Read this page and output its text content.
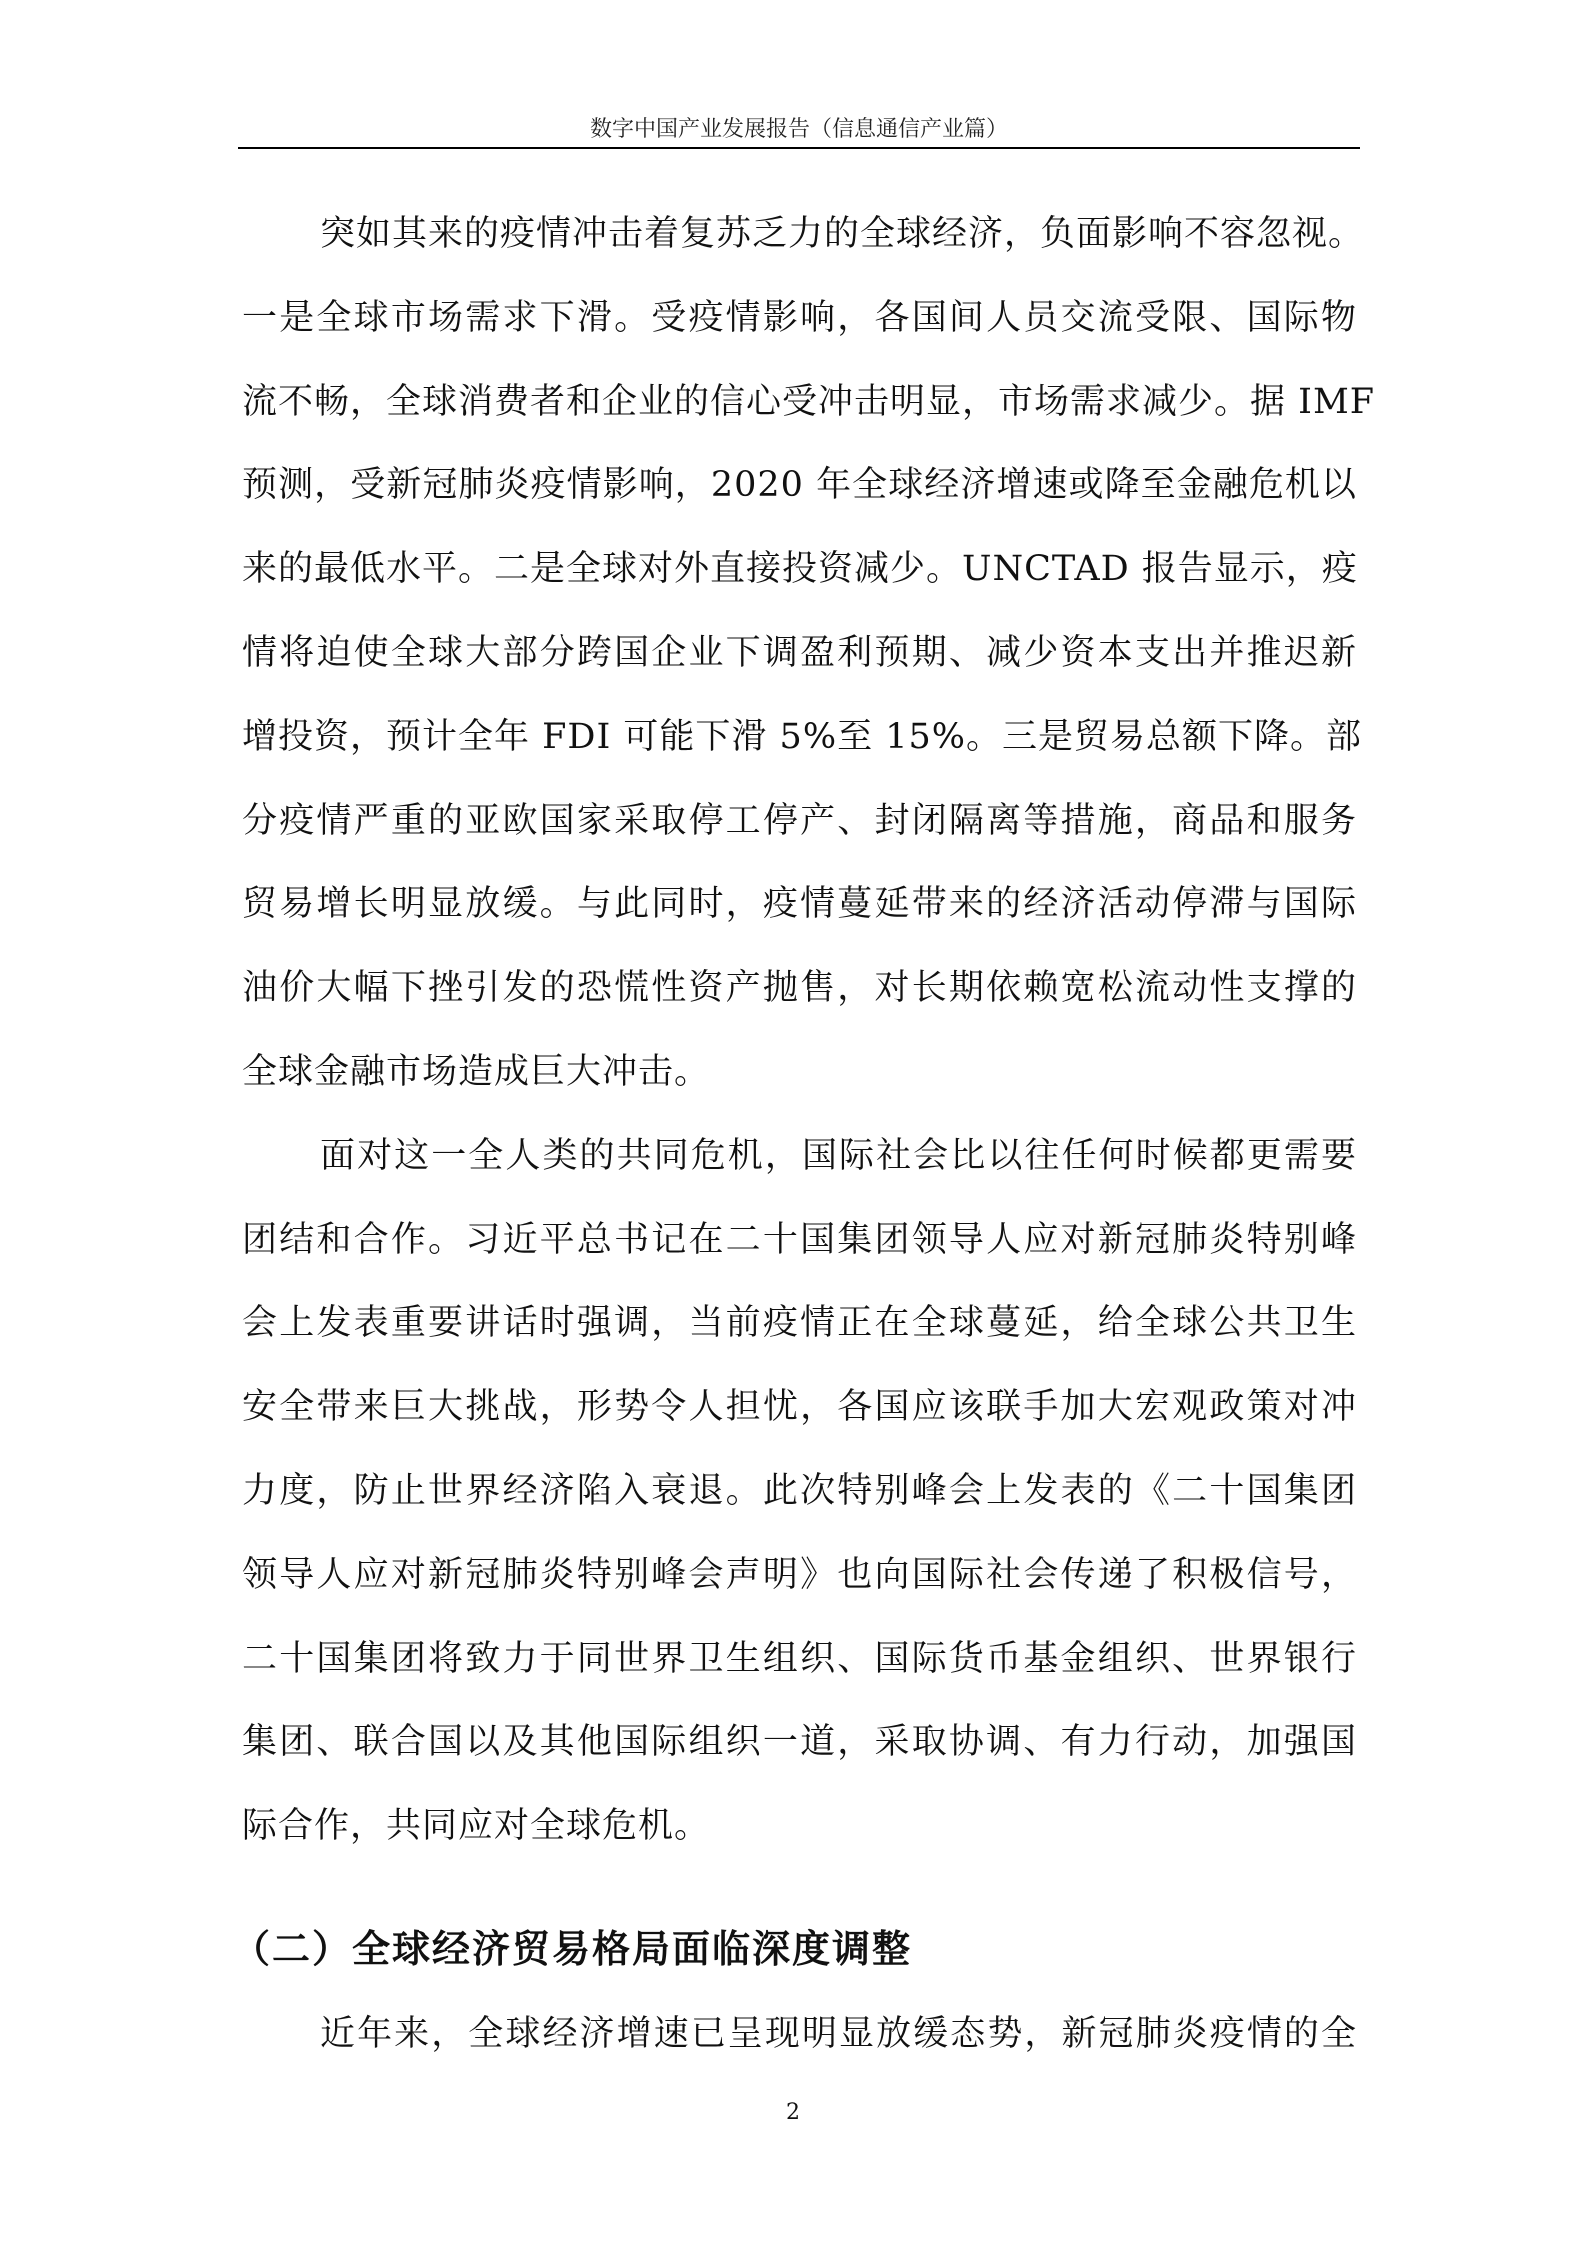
数字中国产业发展报告（信息通信产业篇）
突如其来的疫情冲击着复苏乏力的全球经济，负面影响不容忽视。
一是全球市场需求下滑。受疫情影响，各国间人员交流受限、国际物
流不畅，全球消费者和企业的信心受冲击明显，市场需求减少。据 IMF
预测，受新冠肺炎疫情影响，2020 年全球经济增速或降至金融危机以
来的最低水平。二是全球对外直接投资减少。UNCTAD 报告显示，疫
情将迫使全球大部分跨国企业下调盈利预期、减少资本支出并推迟新
增投资，预计全年 FDI 可能下滑 5%至 15%。三是贸易总额下降。部
分疫情严重的亚欧国家采取停工停产、封闭隔离等措施，商品和服务
贸易增长明显放缓。与此同时，疫情蔓延带来的经济活动停滞与国际
油价大幅下挫引发的恐慌性资产抛售，对长期依赖宽松流动性支撑的
全球金融市场造成巨大冲击。
面对这一全人类的共同危机，国际社会比以往任何时候都更需要
团结和合作。习近平总书记在二十国集团领导人应对新冠肺炎特别峰
会上发表重要讲话时强调，当前疫情正在全球蔓延，给全球公共卫生
安全带来巨大挑战，形势令人担忧，各国应该联手加大宏观政策对冲
力度，防止世界经济陷入衰退。此次特别峰会上发表的《二十国集团
领导人应对新冠肺炎特别峰会声明》也向国际社会传递了积极信号，
二十国集团将致力于同世界卫生组织、国际货币基金组织、世界银行
集团、联合国以及其他国际组织一道，采取协调、有力行动，加强国
际合作，共同应对全球危机。
（二）全球经济贸易格局面临深度调整
近年来，全球经济增速已呈现明显放缓态势，新冠肺炎疫情的全
2
